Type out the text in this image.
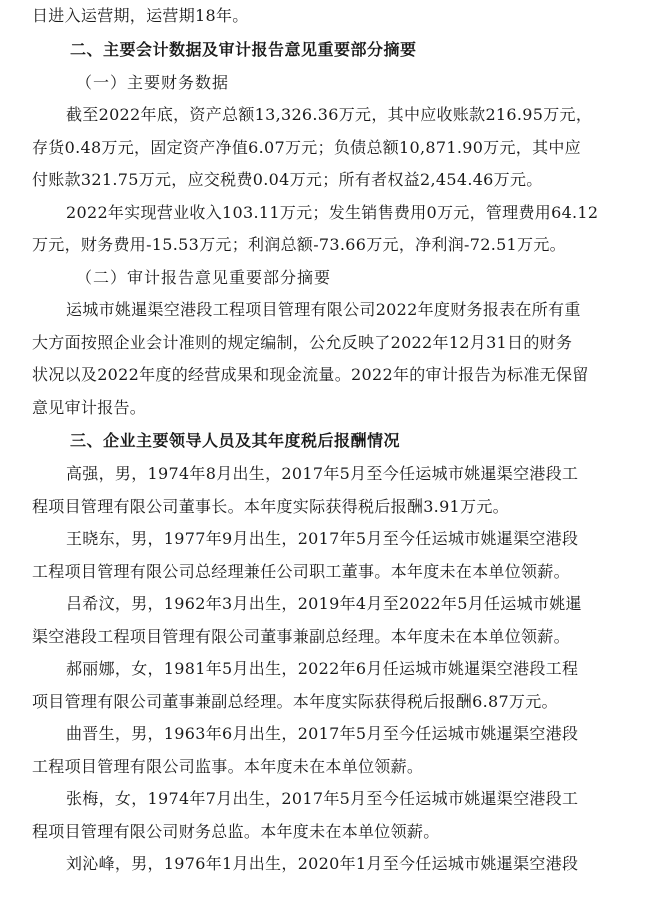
日进入运营期，运营期18年。

二、主要会计数据及审计报告意见重要部分摘要

（一）主要财务数据

截至2022年底，资产总额13,326.36万元，其中应收账款216.95万元，

存货0.48万元，固定资产净值6.07万元；负债总额10,871.90万元，其中应

付账款321.75万元，应交税费0.04万元；所有者权益2,454.46万元。

2022年实现营业收入103.11万元；发生销售费用0万元，管理费用64.12

万元，财务费用-15.53万元；利润总额-73.66万元，净利润-72.51万元。

（二）审计报告意见重要部分摘要

运城市姚暹渠空港段工程项目管理有限公司2022年度财务报表在所有重

大方面按照企业会计准则的规定编制，公允反映了2022年12月31日的财务

状况以及2022年度的经营成果和现金流量。2022年的审计报告为标准无保留

意见审计报告。

三、企业主要领导人员及其年度税后报酬情况

高强，男，1974年8月出生，2017年5月至今任运城市姚暹渠空港段工

程项目管理有限公司董事长。本年度实际获得税后报酬3.91万元。

王晓东，男，1977年9月出生，2017年5月至今任运城市姚暹渠空港段

工程项目管理有限公司总经理兼任公司职工董事。本年度未在本单位领薪。

吕希汶，男，1962年3月出生，2019年4月至2022年5月任运城市姚暹

渠空港段工程项目管理有限公司董事兼副总经理。本年度未在本单位领薪。

郝丽娜，女，1981年5月出生，2022年6月任运城市姚暹渠空港段工程

项目管理有限公司董事兼副总经理。本年度实际获得税后报酬6.87万元。

曲晋生，男，1963年6月出生，2017年5月至今任运城市姚暹渠空港段

工程项目管理有限公司监事。本年度未在本单位领薪。

张梅，女，1974年7月出生，2017年5月至今任运城市姚暹渠空港段工

程项目管理有限公司财务总监。本年度未在本单位领薪。

刘沁峰，男，1976年1月出生，2020年1月至今任运城市姚暹渠空港段
